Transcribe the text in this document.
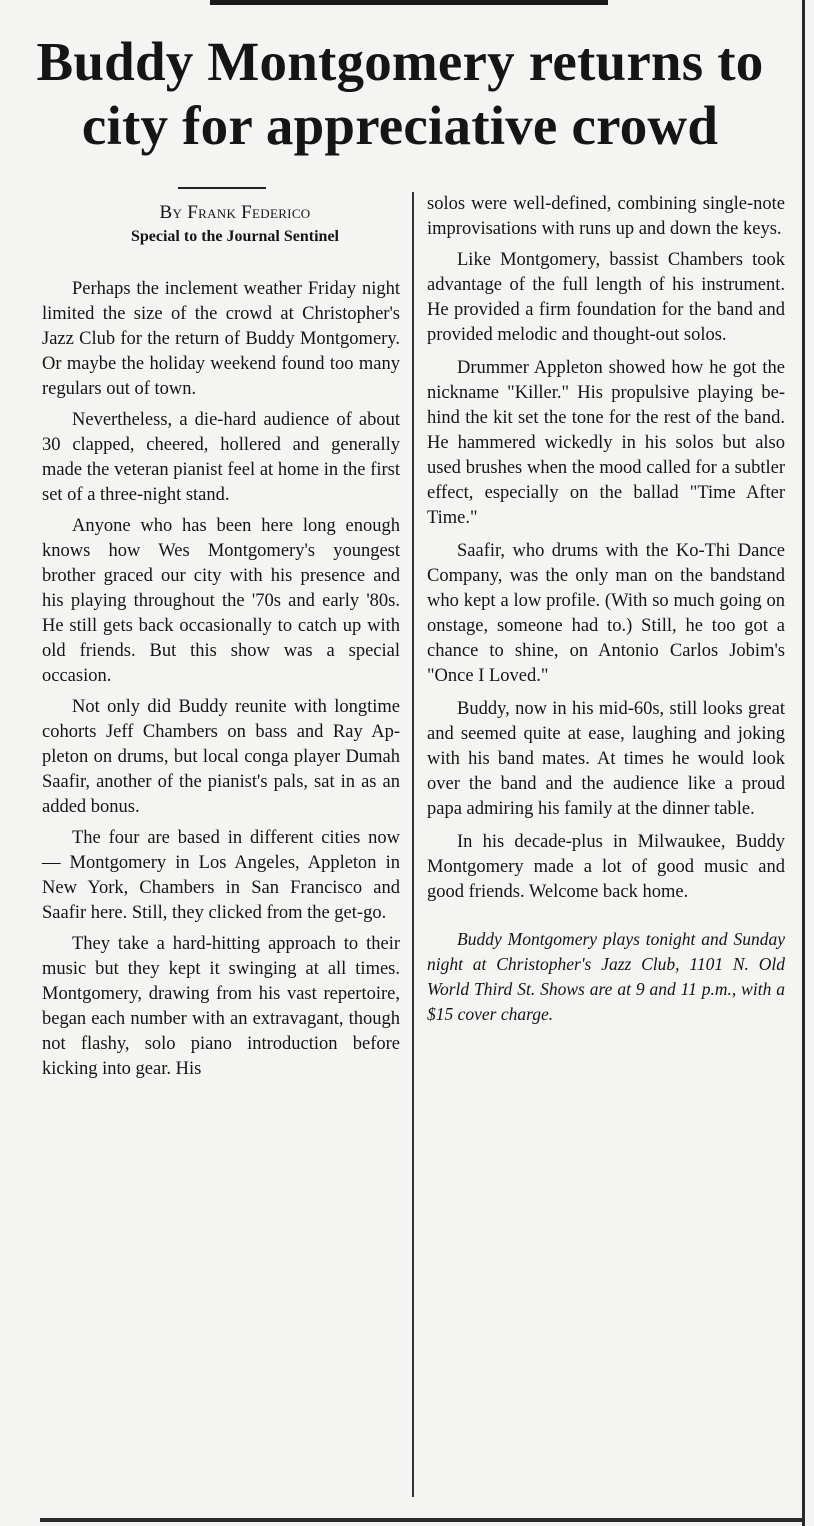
Buddy Montgomery returns to city for appreciative crowd
By Frank Federico
Special to the Journal Sentinel

Perhaps the inclement weather Friday night limited the size of the crowd at Christopher's Jazz Club for the return of Buddy Montgomery. Or maybe the holiday weekend found too many regulars out of town.

Nevertheless, a die-hard audience of about 30 clapped, cheered, hollered and generally made the veteran pianist feel at home in the first set of a three-night stand.

Anyone who has been here long enough knows how Wes Montgomery's youngest brother graced our city with his presence and his playing throughout the '70s and early '80s. He still gets back occasionally to catch up with old friends. But this show was a special occasion.

Not only did Buddy reunite with longtime cohorts Jeff Chambers on bass and Ray Appleton on drums, but local conga player Dumah Saafir, another of the pianist's pals, sat in as an added bonus.

The four are based in different cities now — Montgomery in Los Angeles, Appleton in New York, Chambers in San Francisco and Saafir here. Still, they clicked from the get-go.

They take a hard-hitting approach to their music but they kept it swinging at all times. Montgomery, drawing from his vast repertoire, began each number with an extravagant, though not flashy, solo piano introduction before kicking into gear. His

solos were well-defined, combining single-note improvisations with runs up and down the keys.

Like Montgomery, bassist Chambers took advantage of the full length of his instrument. He provided a firm foundation for the band and provided melodic and thought-out solos.

Drummer Appleton showed how he got the nickname "Killer." His propulsive playing behind the kit set the tone for the rest of the band. He hammered wickedly in his solos but also used brushes when the mood called for a subtler effect, especially on the ballad "Time After Time."

Saafir, who drums with the Ko-Thi Dance Company, was the only man on the bandstand who kept a low profile. (With so much going on onstage, someone had to.) Still, he too got a chance to shine, on Antonio Carlos Jobim's "Once I Loved."

Buddy, now in his mid-60s, still looks great and seemed quite at ease, laughing and joking with his band mates. At times he would look over the band and the audience like a proud papa admiring his family at the dinner table.

In his decade-plus in Milwaukee, Buddy Montgomery made a lot of good music and good friends. Welcome back home.

Buddy Montgomery plays tonight and Sunday night at Christopher's Jazz Club, 1101 N. Old World Third St. Shows are at 9 and 11 p.m., with a $15 cover charge.
